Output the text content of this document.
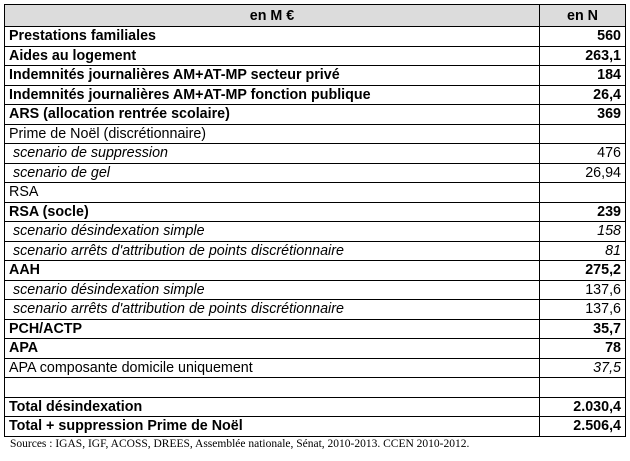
en M €	en N
Prestations familiales	560
Aides au logement	263,1
Indemnités journalières AM+AT-MP secteur privé	184
Indemnités journalières AM+AT-MP fonction publique	26,4
ARS (allocation rentrée scolaire)	369
Prime de Noël (discrétionnaire)	
scenario de suppression	476
scenario de gel	26,94
RSA	
RSA (socle)	239
scenario désindexation simple	158
scenario arrêts d'attribution de points discrétionnaire	81
AAH	275,2
scenario désindexation simple	137,6
scenario arrêts d'attribution de points discrétionnaire	137,6
PCH/ACTP	35,7
APA	78
APA composante domicile uniquement	37,5

Total désindexation	2.030,4
Total + suppression Prime de Noël	2.506,4
Sources : IGAS, IGF, ACOSS, DREES, Assemblée nationale, Sénat, 2010-2013. CCEN 2010-2012.
